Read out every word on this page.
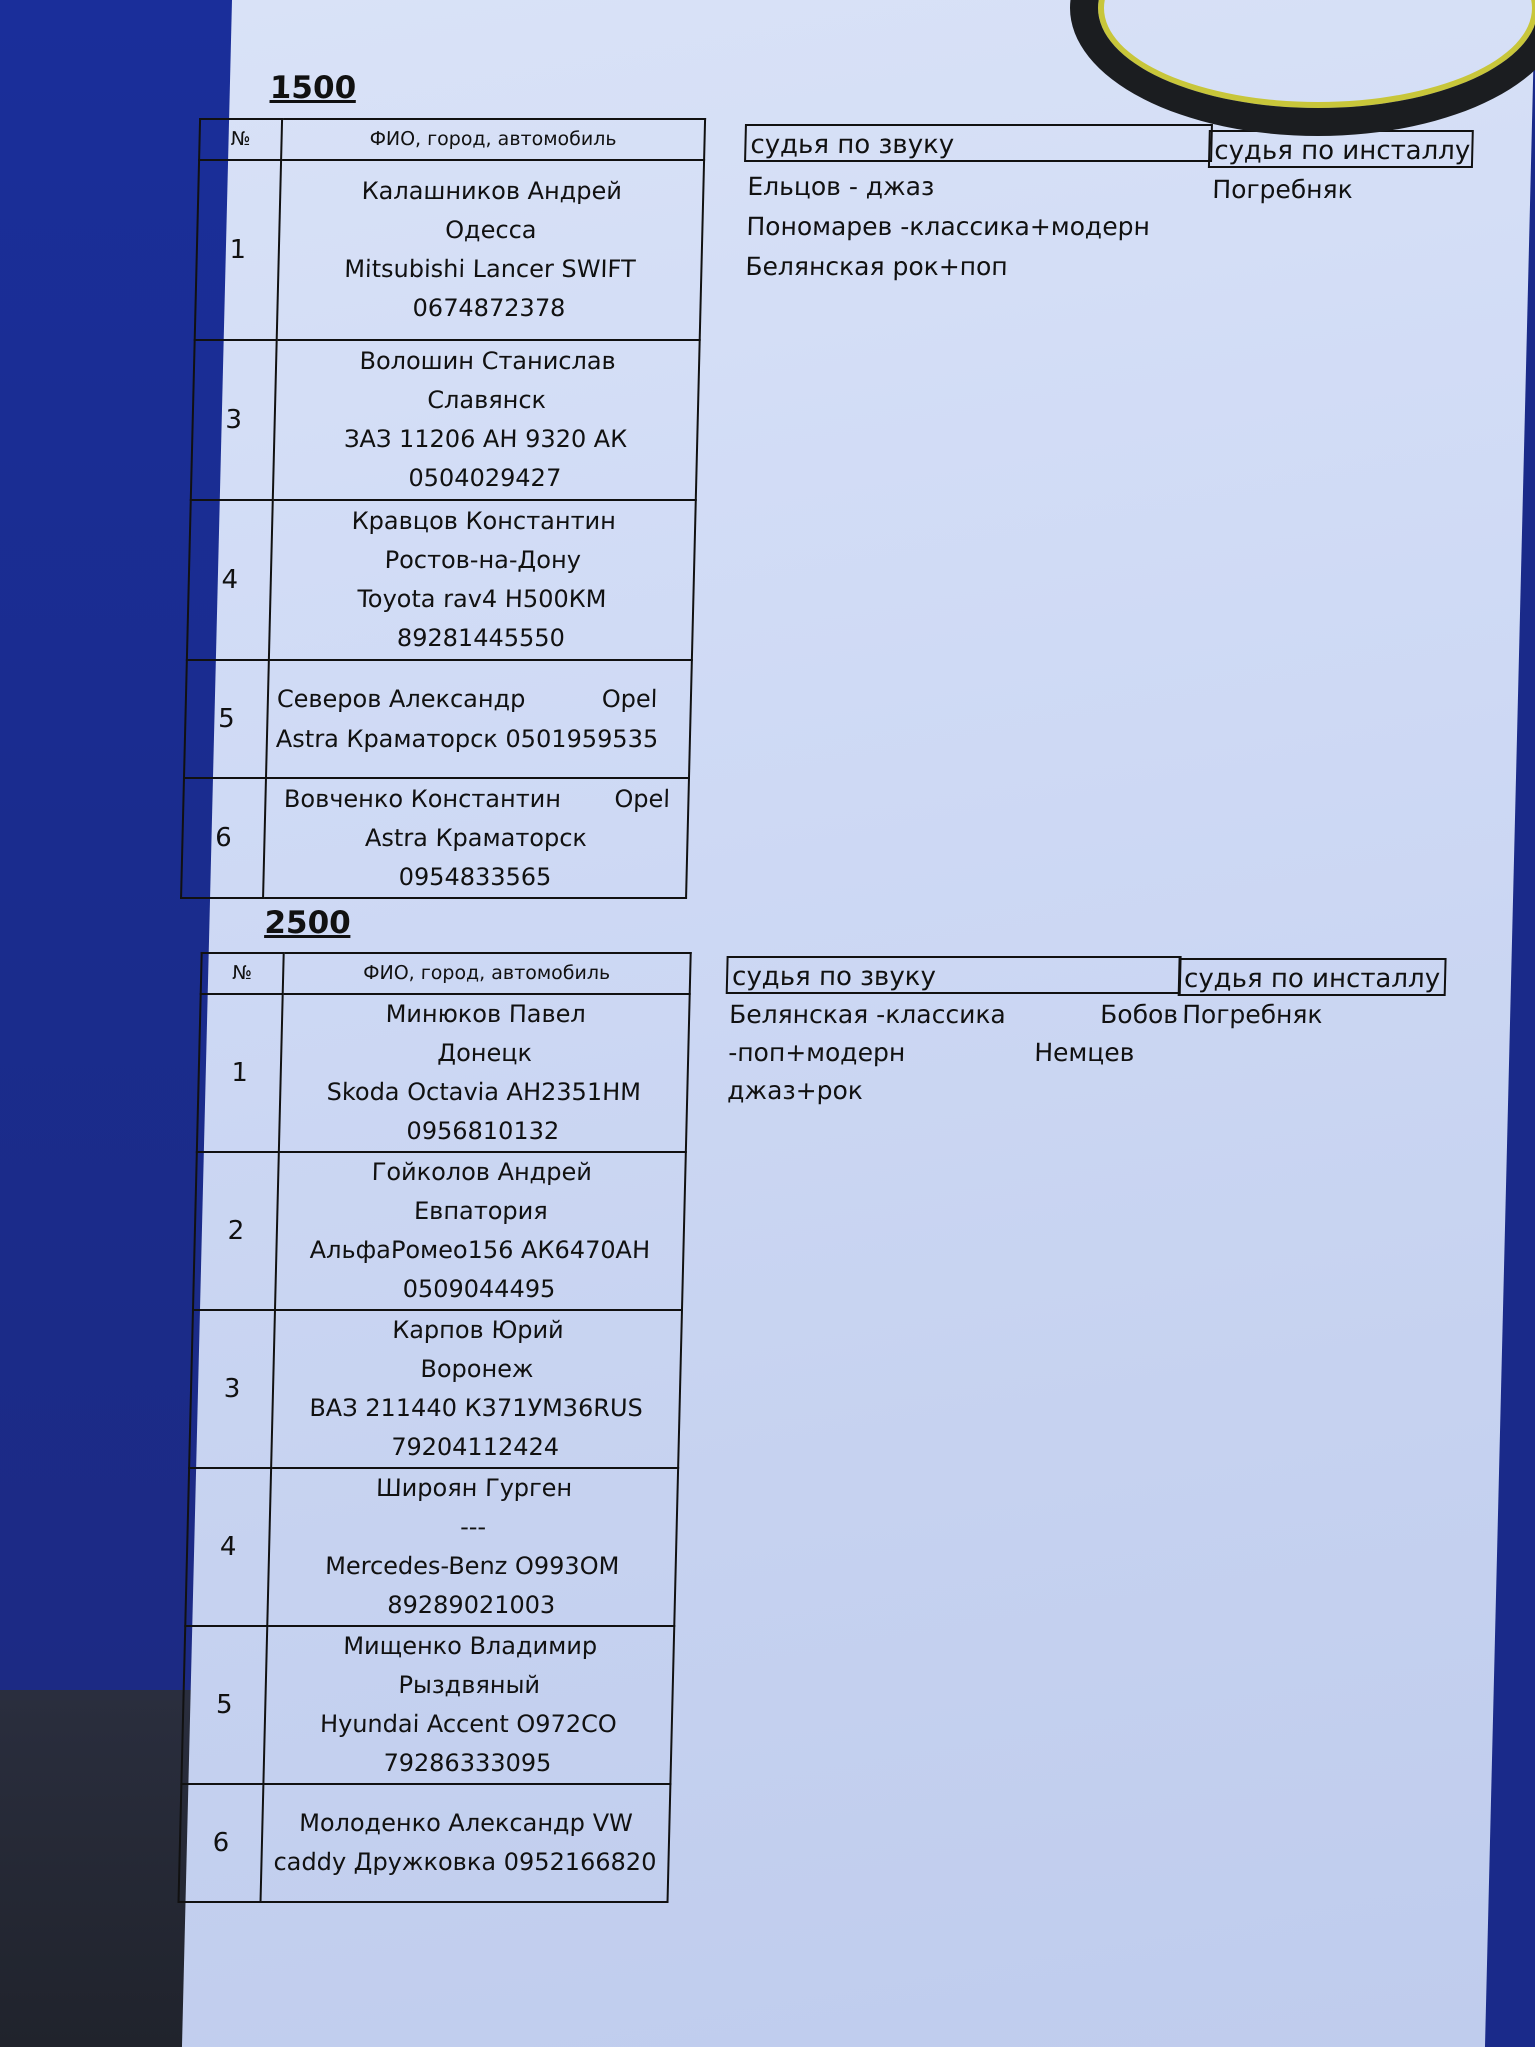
1500
№	ФИО, город, автомобиль
1	Калашников Андрей
Одесса
Mitsubishi Lancer SWIFT
0674872378

3	Волошин Станислав
Славянск
ЗАЗ 11206 АН 9320 АК
0504029427

4	Кравцов Константин
Ростов-на-Дону
Toyota rav4 Н500КМ
89281445550

5	Северов Александр          Opel
Astra Краматорск 0501959535

6	Вовченко Константин       Opel
Astra Краматорск
0954833565
судья по звуку	судья по инсталлу
Ельцов - джаз
Пономарев -классика+модерн
Белянская рок+поп
Погребняк
2500
№	ФИО, город, автомобиль
1	Минюков Павел
Донецк
Skoda Octavia АН2351НМ
0956810132

2	Гойколов Андрей
Евпатория
АльфаРомео156 АК6470АН
0509044495

3	Карпов Юрий
Воронеж
ВАЗ 211440 К371УМ36RUS
79204112424

4	Широян Гурген
---
Mercedes-Benz О993ОМ
89289021003

5	Мищенко Владимир
Рыздвяный
Hyundai Accent О972СО
79286333095

6	Молоденко Александр VW
caddy Дружковка 0952166820
судья по звуку	судья по инсталлу
Белянская -классика
-поп+модерн
джаз+рок
Бобов
Немцев
Погребняк
